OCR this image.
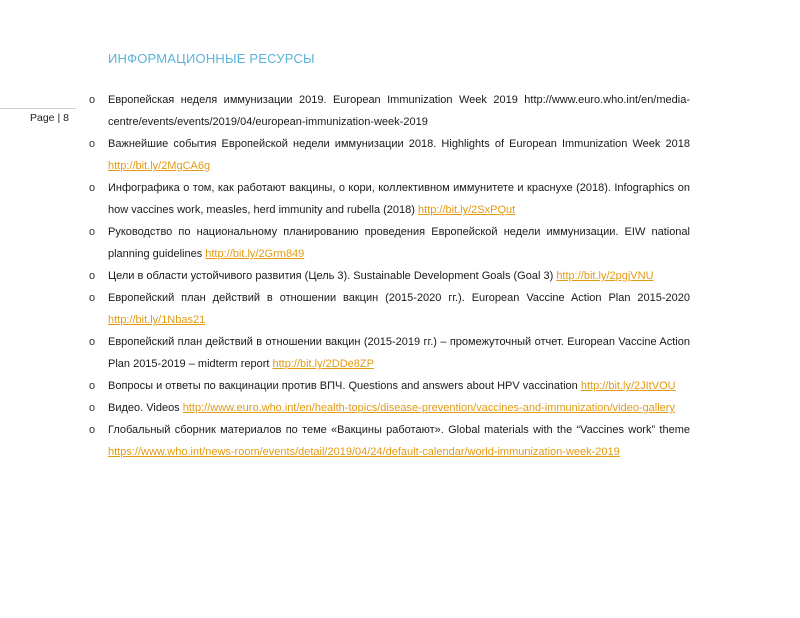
Page | 8
ИНФОРМАЦИОННЫЕ РЕСУРСЫ
o Европейская неделя иммунизации 2019. European Immunization Week 2019 http://www.euro.who.int/en/media-centre/events/events/2019/04/european-immunization-week-2019
o Важнейшие события Европейской недели иммунизации 2018. Highlights of European Immunization Week 2018 http://bit.ly/2MgCA6g
o Инфографика о том, как работают вакцины, о кори, коллективном иммунитете и краснухе (2018). Infographics on how vaccines work, measles, herd immunity and rubella (2018) http://bit.ly/2SxPQut
o Руководство по национальному планированию проведения Европейской недели иммунизации. EIW national planning guidelines http://bit.ly/2Grm849
o Цели в области устойчивого развития (Цель 3). Sustainable Development Goals (Goal 3) http://bit.ly/2pgjVNU
o Европейский план действий в отношении вакцин (2015-2020 гг.). European Vaccine Action Plan 2015-2020 http://bit.ly/1Nbas21
o Европейский план действий в отношении вакцин (2015-2019 гг.) – промежуточный отчет. European Vaccine Action Plan 2015-2019 – midterm report http://bit.ly/2DDe8ZP
o Вопросы и ответы по вакцинации против ВПЧ. Questions and answers about HPV vaccination http://bit.ly/2JItVOU
o Видео. Videos http://www.euro.who.int/en/health-topics/disease-prevention/vaccines-and-immunization/video-gallery
o Глобальный сборник материалов по теме «Вакцины работают». Global materials with the “Vaccines work” theme https://www.who.int/news-room/events/detail/2019/04/24/default-calendar/world-immunization-week-2019
